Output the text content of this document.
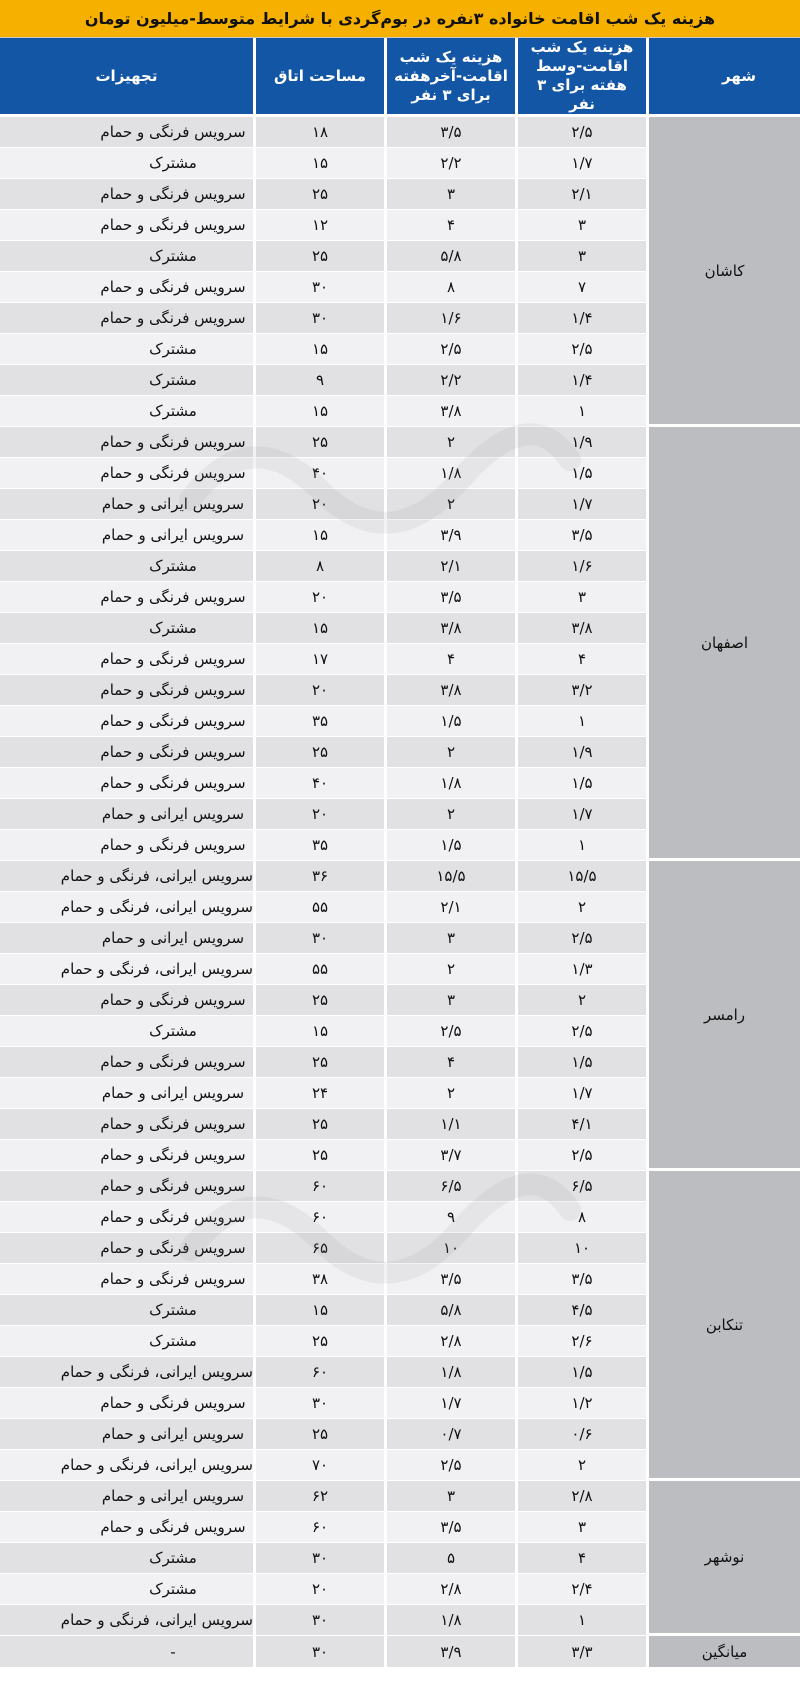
هزینه یک شب اقامت خانواده ۳نفره در بوم‌گردی با شرایط متوسط-میلیون تومان
شهر	هزینه یک شب اقامت-وسط هفته برای ۳ نفر	هزینه یک شب اقامت-آخرهفته برای ۳ نفر	مساحت اتاق	تجهیزات
کاشان	۲/۵	۳/۵	۱۸	سرویس فرنگی و حمام
	۱/۷	۲/۲	۱۵	مشترک
	۲/۱	۳	۲۵	سرویس فرنگی و حمام
	۳	۴	۱۲	سرویس فرنگی و حمام
	۳	۵/۸	۲۵	مشترک
	۷	۸	۳۰	سرویس فرنگی و حمام
	۱/۴	۱/۶	۳۰	سرویس فرنگی و حمام
	۲/۵	۲/۵	۱۵	مشترک
	۱/۴	۲/۲	۹	مشترک
	۱	۳/۸	۱۵	مشترک
اصفهان	۱/۹	۲	۲۵	سرویس فرنگی و حمام
	۱/۵	۱/۸	۴۰	سرویس فرنگی و حمام
	۱/۷	۲	۲۰	سرویس ایرانی و حمام
	۳/۵	۳/۹	۱۵	سرویس ایرانی و حمام
	۱/۶	۲/۱	۸	مشترک
	۳	۳/۵	۲۰	سرویس فرنگی و حمام
	۳/۸	۳/۸	۱۵	مشترک
	۴	۴	۱۷	سرویس فرنگی و حمام
	۳/۲	۳/۸	۲۰	سرویس فرنگی و حمام
	۱	۱/۵	۳۵	سرویس فرنگی و حمام
	۱/۹	۲	۲۵	سرویس فرنگی و حمام
	۱/۵	۱/۸	۴۰	سرویس فرنگی و حمام
	۱/۷	۲	۲۰	سرویس ایرانی و حمام
	۱	۱/۵	۳۵	سرویس فرنگی و حمام
رامسر	۱۵/۵	۱۵/۵	۳۶	سرویس ایرانی، فرنگی و حمام
	۲	۲/۱	۵۵	سرویس ایرانی، فرنگی و حمام
	۲/۵	۳	۳۰	سرویس ایرانی و حمام
	۱/۳	۲	۵۵	سرویس ایرانی، فرنگی و حمام
	۲	۳	۲۵	سرویس فرنگی و حمام
	۲/۵	۲/۵	۱۵	مشترک
	۱/۵	۴	۲۵	سرویس فرنگی و حمام
	۱/۷	۲	۲۴	سرویس ایرانی و حمام
	۴/۱	۱/۱	۲۵	سرویس فرنگی و حمام
	۲/۵	۳/۷	۲۵	سرویس فرنگی و حمام
تنکابن	۶/۵	۶/۵	۶۰	سرویس فرنگی و حمام
	۸	۹	۶۰	سرویس فرنگی و حمام
	۱۰	۱۰	۶۵	سرویس فرنگی و حمام
	۳/۵	۳/۵	۳۸	سرویس فرنگی و حمام
	۴/۵	۵/۸	۱۵	مشترک
	۲/۶	۲/۸	۲۵	مشترک
	۱/۵	۱/۸	۶۰	سرویس ایرانی، فرنگی و حمام
	۱/۲	۱/۷	۳۰	سرویس فرنگی و حمام
	۰/۶	۰/۷	۲۵	سرویس ایرانی و حمام
	۲	۲/۵	۷۰	سرویس ایرانی، فرنگی و حمام
نوشهر	۲/۸	۳	۶۲	سرویس ایرانی و حمام
	۳	۳/۵	۶۰	سرویس فرنگی و حمام
	۴	۵	۳۰	مشترک
	۲/۴	۲/۸	۲۰	مشترک
	۱	۱/۸	۳۰	سرویس ایرانی، فرنگی و حمام
میانگین	۳/۳	۳/۹	۳۰	-
